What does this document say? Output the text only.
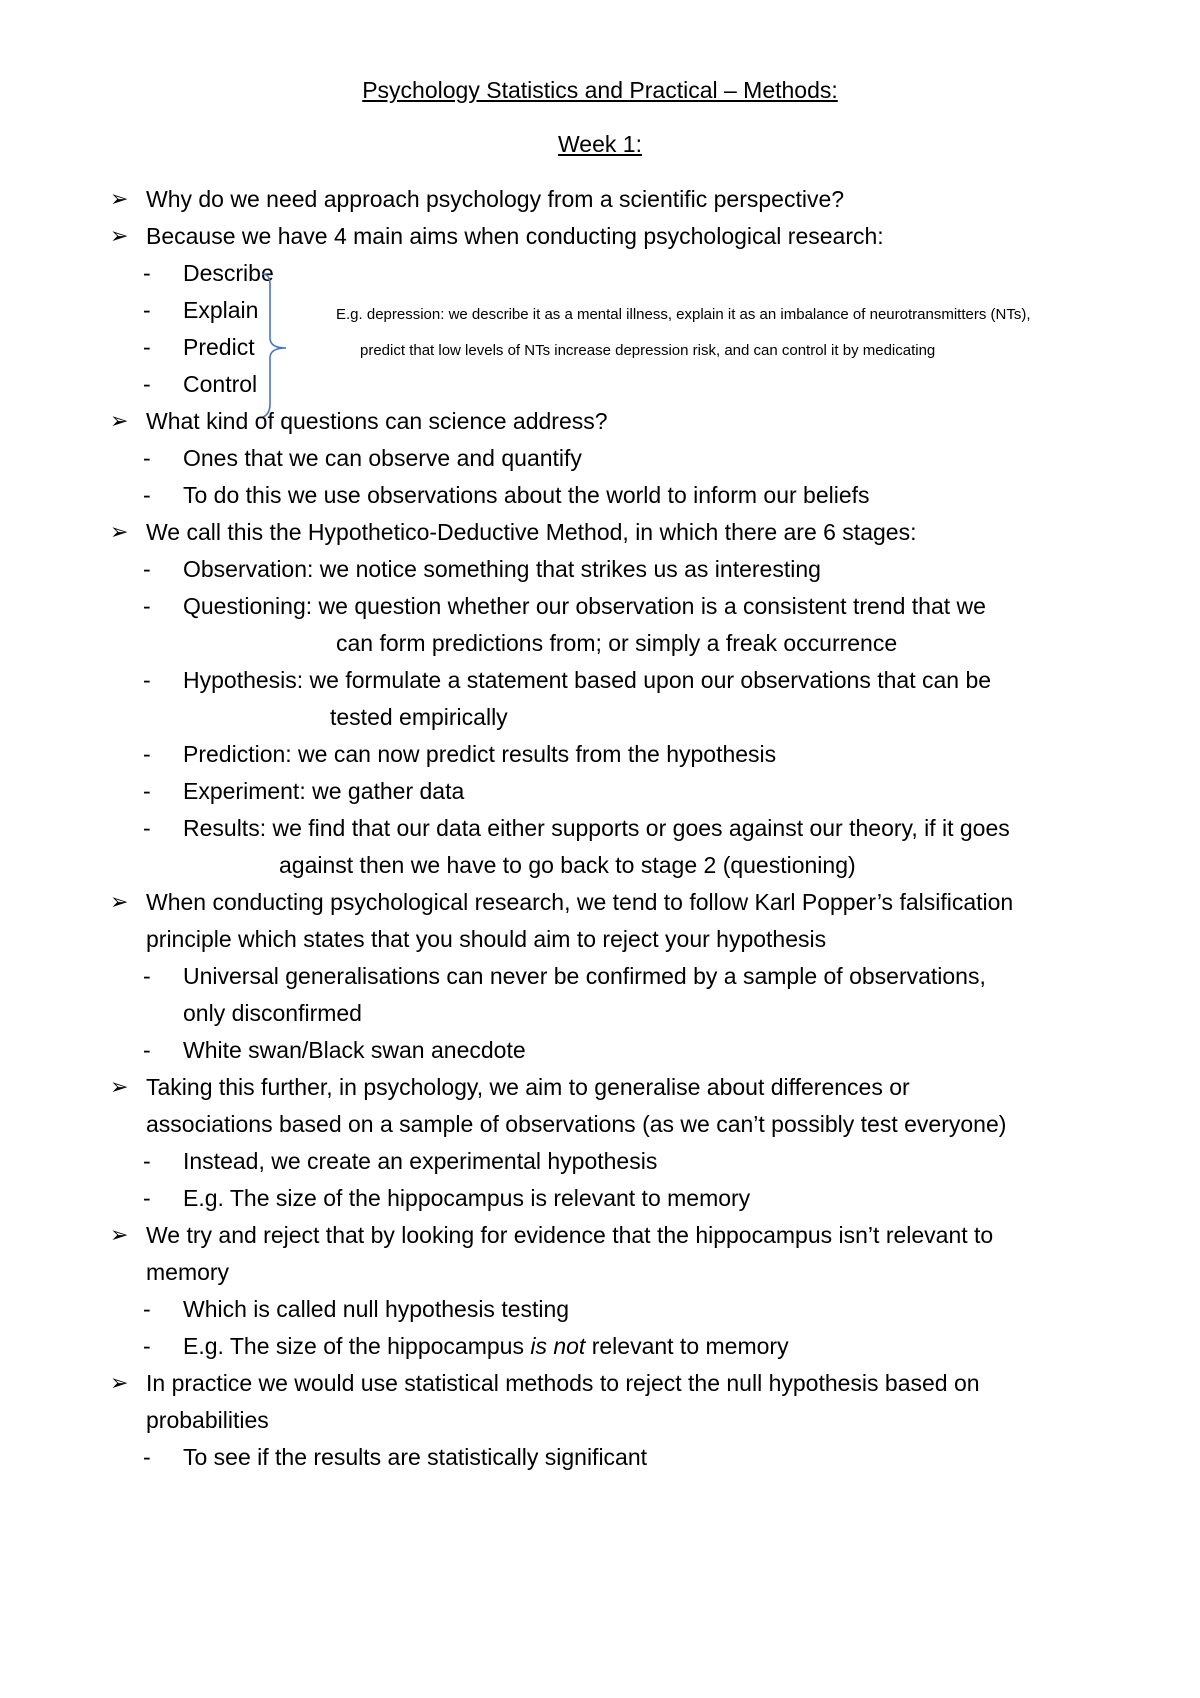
Psychology Statistics and Practical – Methods:
Week 1:
➢ Why do we need approach psychology from a scientific perspective?
➢ Because we have 4 main aims when conducting psychological research:
- Describe
- Explain
- Predict
- Control
E.g. depression: we describe it as a mental illness, explain it as an imbalance of neurotransmitters (NTs),
predict that low levels of NTs increase depression risk, and can control it by medicating
➢ What kind of questions can science address?
- Ones that we can observe and quantify
- To do this we use observations about the world to inform our beliefs
➢ We call this the Hypothetico-Deductive Method, in which there are 6 stages:
- Observation: we notice something that strikes us as interesting
- Questioning: we question whether our observation is a consistent trend that we
can form predictions from; or simply a freak occurrence
- Hypothesis: we formulate a statement based upon our observations that can be
tested empirically
- Prediction: we can now predict results from the hypothesis
- Experiment: we gather data
- Results: we find that our data either supports or goes against our theory, if it goes
against then we have to go back to stage 2 (questioning)
➢ When conducting psychological research, we tend to follow Karl Popper’s falsification
principle which states that you should aim to reject your hypothesis
- Universal generalisations can never be confirmed by a sample of observations,
only disconfirmed
- White swan/Black swan anecdote
➢ Taking this further, in psychology, we aim to generalise about differences or
associations based on a sample of observations (as we can’t possibly test everyone)
- Instead, we create an experimental hypothesis
- E.g. The size of the hippocampus is relevant to memory
➢ We try and reject that by looking for evidence that the hippocampus isn’t relevant to
memory
- Which is called null hypothesis testing
- E.g. The size of the hippocampus is not relevant to memory
➢ In practice we would use statistical methods to reject the null hypothesis based on
probabilities
- To see if the results are statistically significant
